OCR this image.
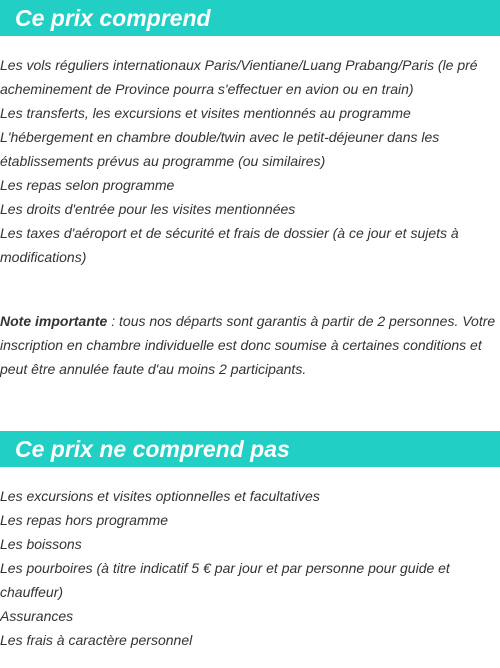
Ce prix comprend
Les vols réguliers internationaux Paris/Vientiane/Luang Prabang/Paris (le pré
acheminement de Province pourra s'effectuer en avion ou en train)
Les transferts, les excursions et visites mentionnés au programme
L'hébergement en chambre double/twin avec le petit-déjeuner dans les
établissements prévus au programme (ou similaires)
Les repas selon programme
Les droits d'entrée pour les visites mentionnées
Les taxes d'aéroport et de sécurité et frais de dossier (à ce jour et sujets à
modifications)

Note importante : tous nos départs sont garantis à partir de 2 personnes. Votre
inscription en chambre individuelle est donc soumise à certaines conditions et
peut être annulée faute d'au moins 2 participants.

Ce prix ne comprend pas
Les excursions et visites optionnelles et facultatives
Les repas hors programme
Les boissons
Les pourboires (à titre indicatif 5 € par jour et par personne pour guide et
chauffeur)
Assurances
Les frais à caractère personnel
